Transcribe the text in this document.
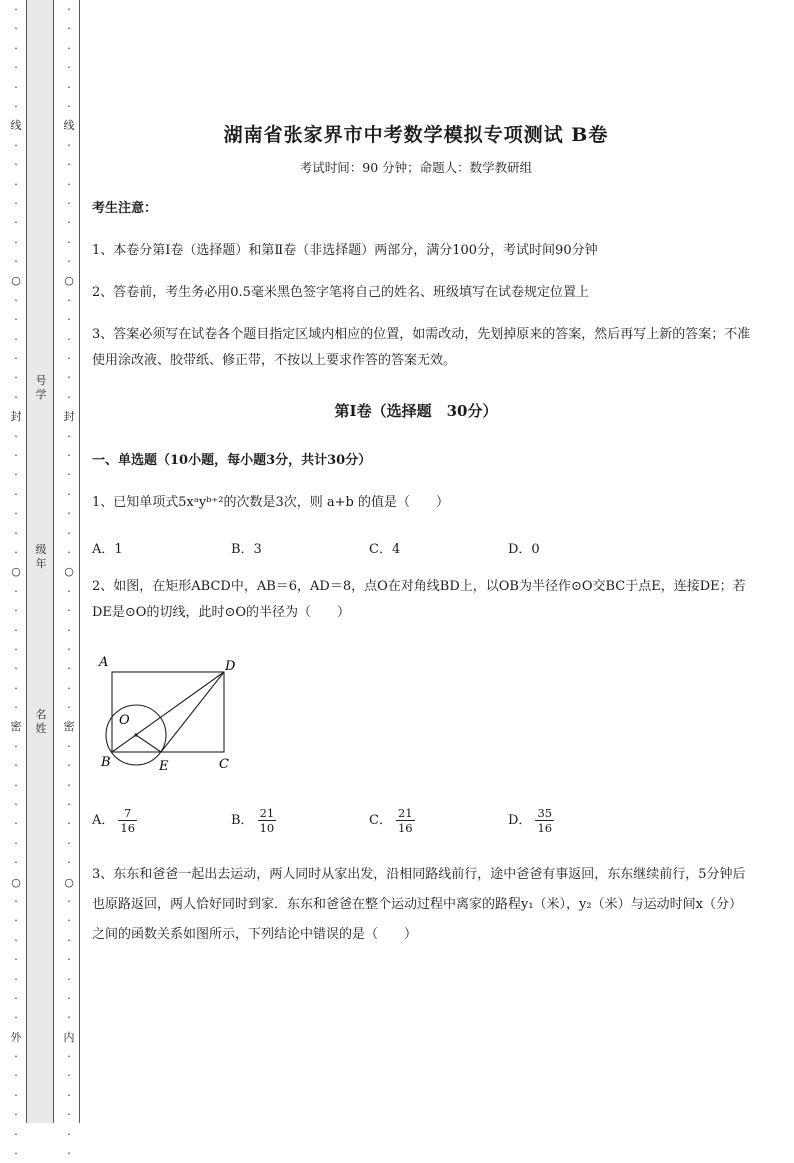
·
·
·
·
·
·
线
·
·
·
·
·
·
·
○
·
·
·
·
·
·
封
·
·
·
·
·
·
·
○
·
·
·
·
·
·
·
密
·
·
·
·
·
·
·
○
·
·
·
·
·
·
·
外
·
·
·
·
·
·
号学
级年
名姓
·
·
·
·
·
·
线
·
·
·
·
·
·
·
○
·
·
·
·
·
·
封
·
·
·
·
·
·
·
○
·
·
·
·
·
·
·
密
·
·
·
·
·
·
·
○
·
·
·
·
·
·
·
内
·
·
·
·
·
·
湖南省张家界市中考数学模拟专项测试 B卷
考试时间：90 分钟；命题人：数学教研组
考生注意：
1、本卷分第Ⅰ卷（选择题）和第Ⅱ卷（非选择题）两部分，满分100分，考试时间90分钟
2、答卷前，考生务必用0.5毫米黑色签字笔将自己的姓名、班级填写在试卷规定位置上
3、答案必须写在试卷各个题目指定区域内相应的位置，如需改动，先划掉原来的答案，然后再写上新的答案；不准使用涂改液、胶带纸、修正带，不按以上要求作答的答案无效。
第Ⅰ卷（选择题　30分）
一、单选题（10小题，每小题3分，共计30分）
1、已知单项式5xᵃyᵇ⁺²的次数是3次，则 a+b 的值是（　　）
A．1	B．3	C．4	D．0
2、如图，在矩形ABCD中，AB＝6，AD＝8，点O在对角线BD上，以OB为半径作⊙O交BC于点E，连接DE；若DE是⊙O的切线，此时⊙O的半径为（　　）
A	D
O
B	E	C
A． $\frac{7}{16}$	B． $\frac{21}{10}$	C． $\frac{21}{16}$	D． $\frac{35}{16}$
3、东东和爸爸一起出去运动，两人同时从家出发，沿相同路线前行，途中爸爸有事返回，东东继续前行，5分钟后也原路返回，两人恰好同时到家．东东和爸爸在整个运动过程中离家的路程y₁（米），y₂（米）与运动时间x（分）之间的函数关系如图所示，下列结论中错误的是（　　）
